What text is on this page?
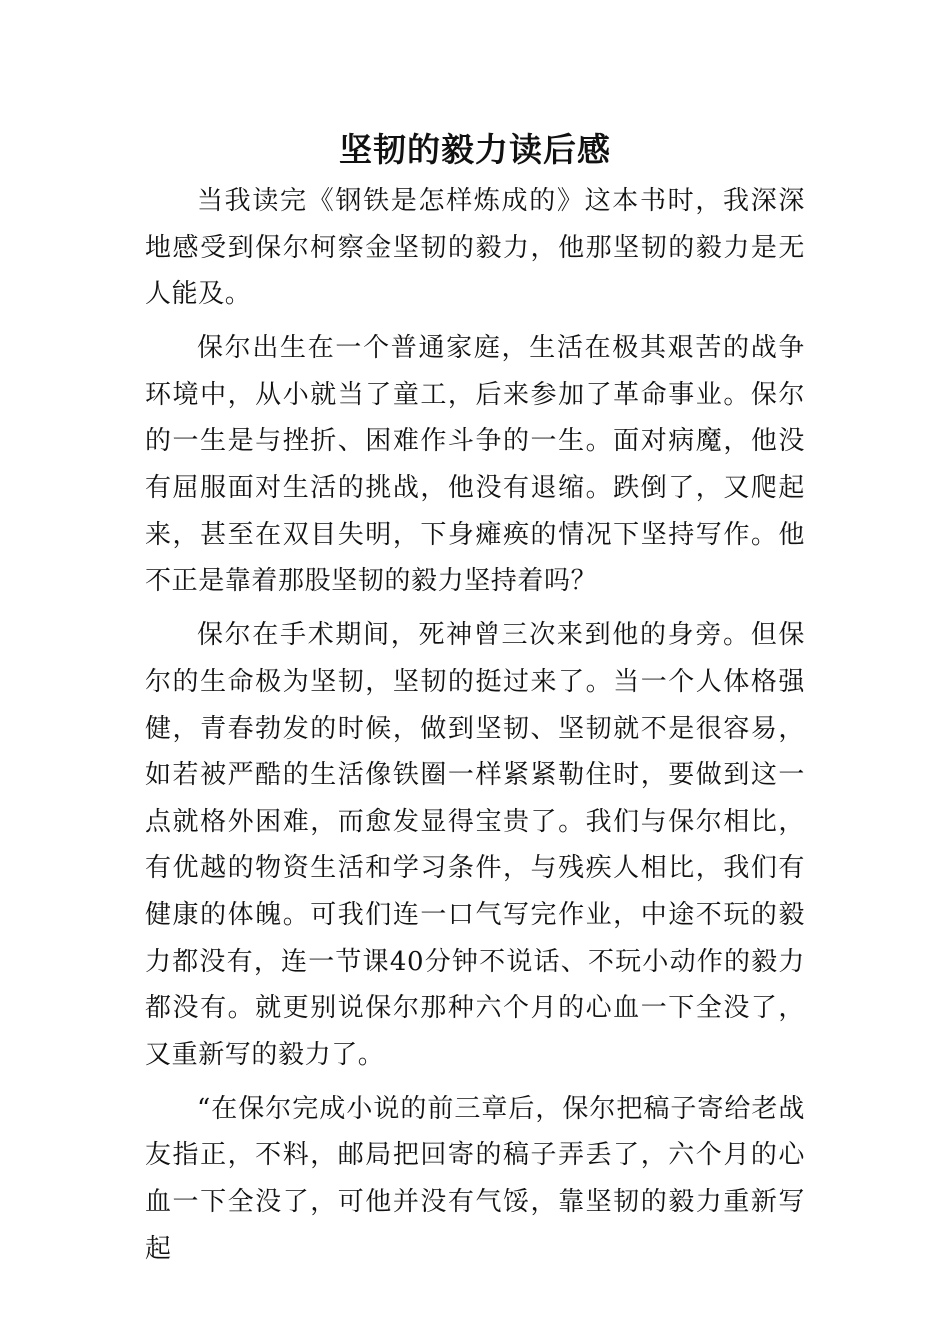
坚韧的毅力读后感

当我读完《钢铁是怎样炼成的》这本书时，我深深地感受到保尔柯察金坚韧的毅力，他那坚韧的毅力是无人能及。

保尔出生在一个普通家庭，生活在极其艰苦的战争环境中，从小就当了童工，后来参加了革命事业。保尔的一生是与挫折、困难作斗争的一生。面对病魔，他没有屈服面对生活的挑战，他没有退缩。跌倒了，又爬起来，甚至在双目失明，下身瘫痪的情况下坚持写作。他不正是靠着那股坚韧的毅力坚持着吗？

保尔在手术期间，死神曾三次来到他的身旁。但保尔的生命极为坚韧，坚韧的挺过来了。当一个人体格强健，青春勃发的时候，做到坚韧、坚韧就不是很容易，如若被严酷的生活像铁圈一样紧紧勒住时，要做到这一点就格外困难，而愈发显得宝贵了。我们与保尔相比，有优越的物资生活和学习条件，与残疾人相比，我们有健康的体魄。可我们连一口气写完作业，中途不玩的毅力都没有，连一节课40分钟不说话、不玩小动作的毅力都没有。就更别说保尔那种六个月的心血一下全没了，又重新写的毅力了。

“在保尔完成小说的前三章后，保尔把稿子寄给老战友指正，不料，邮局把回寄的稿子弄丢了，六个月的心血一下全没了，可他并没有气馁，靠坚韧的毅力重新写起
